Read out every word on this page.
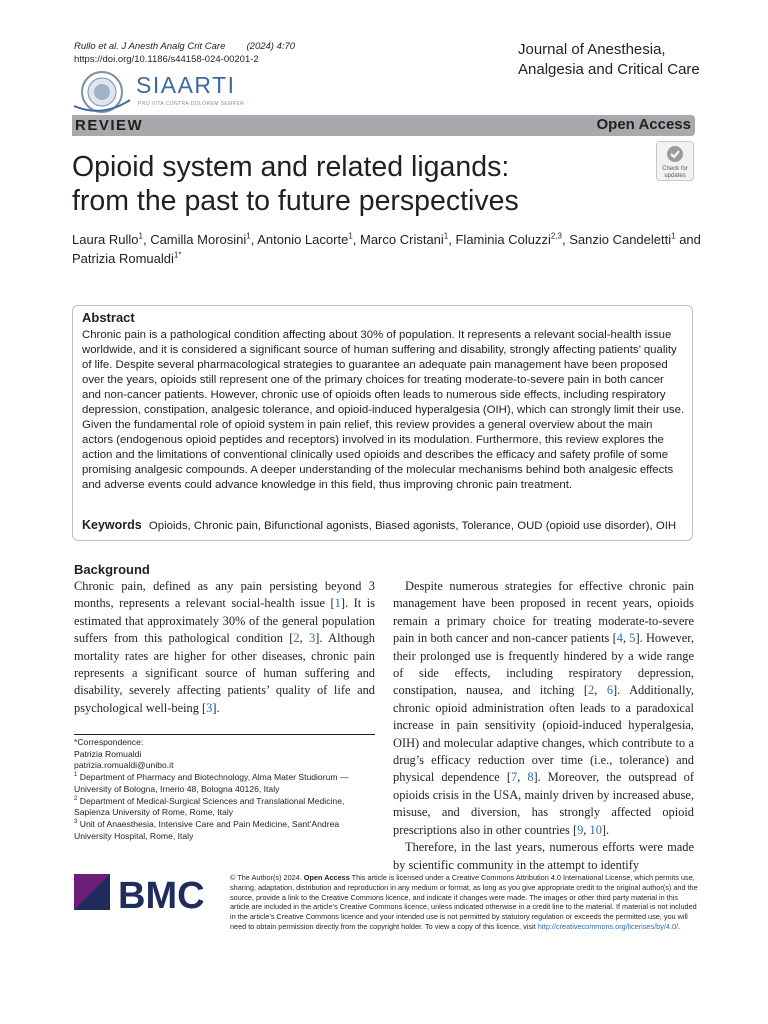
Rullo et al. J Anesth Analg Crit Care (2024) 4:70
https://doi.org/10.1186/s44158-024-00201-2
Journal of Anesthesia,
Analgesia and Critical Care
SIAARTI
PRO VITA CONTRA DOLOREM SEMPER
REVIEW	Open Access
Opioid system and related ligands:
from the past to future perspectives
Check for
updates
Laura Rullo$^1$, Camilla Morosini$^1$, Antonio Lacorte$^1$, Marco Cristani$^1$, Flaminia Coluzzi$^{2,3}$, Sanzio Candeletti$^1$ and Patrizia Romualdi$^{1*}$
Abstract
Chronic pain is a pathological condition affecting about 30% of population. It represents a relevant social-health issue worldwide, and it is considered a significant source of human suffering and disability, strongly affecting patients’ quality of life. Despite several pharmacological strategies to guarantee an adequate pain management have been proposed over the years, opioids still represent one of the primary choices for treating moderate-to-severe pain in both cancer and non-cancer patients. However, chronic use of opioids often leads to numerous side effects, including respiratory depression, constipation, analgesic tolerance, and opioid-induced hyperalgesia (OIH), which can strongly limit their use. Given the fundamental role of opioid system in pain relief, this review provides a general overview about the main actors (endogenous opioid peptides and receptors) involved in its modulation. Furthermore, this review explores the action and the limitations of conventional clinically used opioids and describes the efficacy and safety profile of some promising analgesic compounds. A deeper understanding of the molecular mechanisms behind both analgesic effects and adverse events could advance knowledge in this field, thus improving chronic pain treatment.
Keywords Opioids, Chronic pain, Bifunctional agonists, Biased agonists, Tolerance, OUD (opioid use disorder), OIH
Background

Chronic pain, defined as any pain persisting beyond 3 months, represents a relevant social-health issue [1]. It is estimated that approximately 30% of the general population suffers from this pathological condition [2, 3]. Although mortality rates are higher for other diseases, chronic pain represents a significant source of human suffering and disability, severely affecting patients’ quality of life and psychological well-being [3].

Despite numerous strategies for effective chronic pain management have been proposed in recent years, opioids remain a primary choice for treating moderate-to-severe pain in both cancer and non-cancer patients [4, 5]. However, their prolonged use is frequently hindered by a wide range of side effects, including respiratory depression, constipation, nausea, and itching [2, 6]. Additionally, chronic opioid administration often leads to a paradoxical increase in pain sensitivity (opioid-induced hyperalgesia, OIH) and molecular adaptive changes, which contribute to a drug’s efficacy reduction over time (i.e., tolerance) and physical dependence [7, 8]. Moreover, the outspread of opioids crisis in the USA, mainly driven by increased abuse, misuse, and diversion, has strongly affected opioid prescriptions also in other countries [9, 10].

Therefore, in the last years, numerous efforts were made by scientific community in the attempt to identify

*Correspondence:
Patrizia Romualdi
patrizia.romualdi@unibo.it
$^1$ Department of Pharmacy and Biotechnology, Alma Mater Studiorum — University of Bologna, Irnerio 48, Bologna 40126, Italy
$^2$ Department of Medical-Surgical Sciences and Translational Medicine, Sapienza University of Rome, Rome, Italy
$^3$ Unit of Anaesthesia, Intensive Care and Pain Medicine, Sant’Andrea University Hospital, Rome, Italy
BMC	© The Author(s) 2024. Open Access This article is licensed under a Creative Commons Attribution 4.0 International License, which permits use, sharing, adaptation, distribution and reproduction in any medium or format, as long as you give appropriate credit to the original author(s) and the source, provide a link to the Creative Commons licence, and indicate if changes were made. The images or other third party material in this article are included in the article’s Creative Commons licence, unless indicated otherwise in a credit line to the material. If material is not included in the article’s Creative Commons licence and your intended use is not permitted by statutory regulation or exceeds the permitted use, you will need to obtain permission directly from the copyright holder. To view a copy of this licence, visit http://creativecommons.org/licenses/by/4.0/.
